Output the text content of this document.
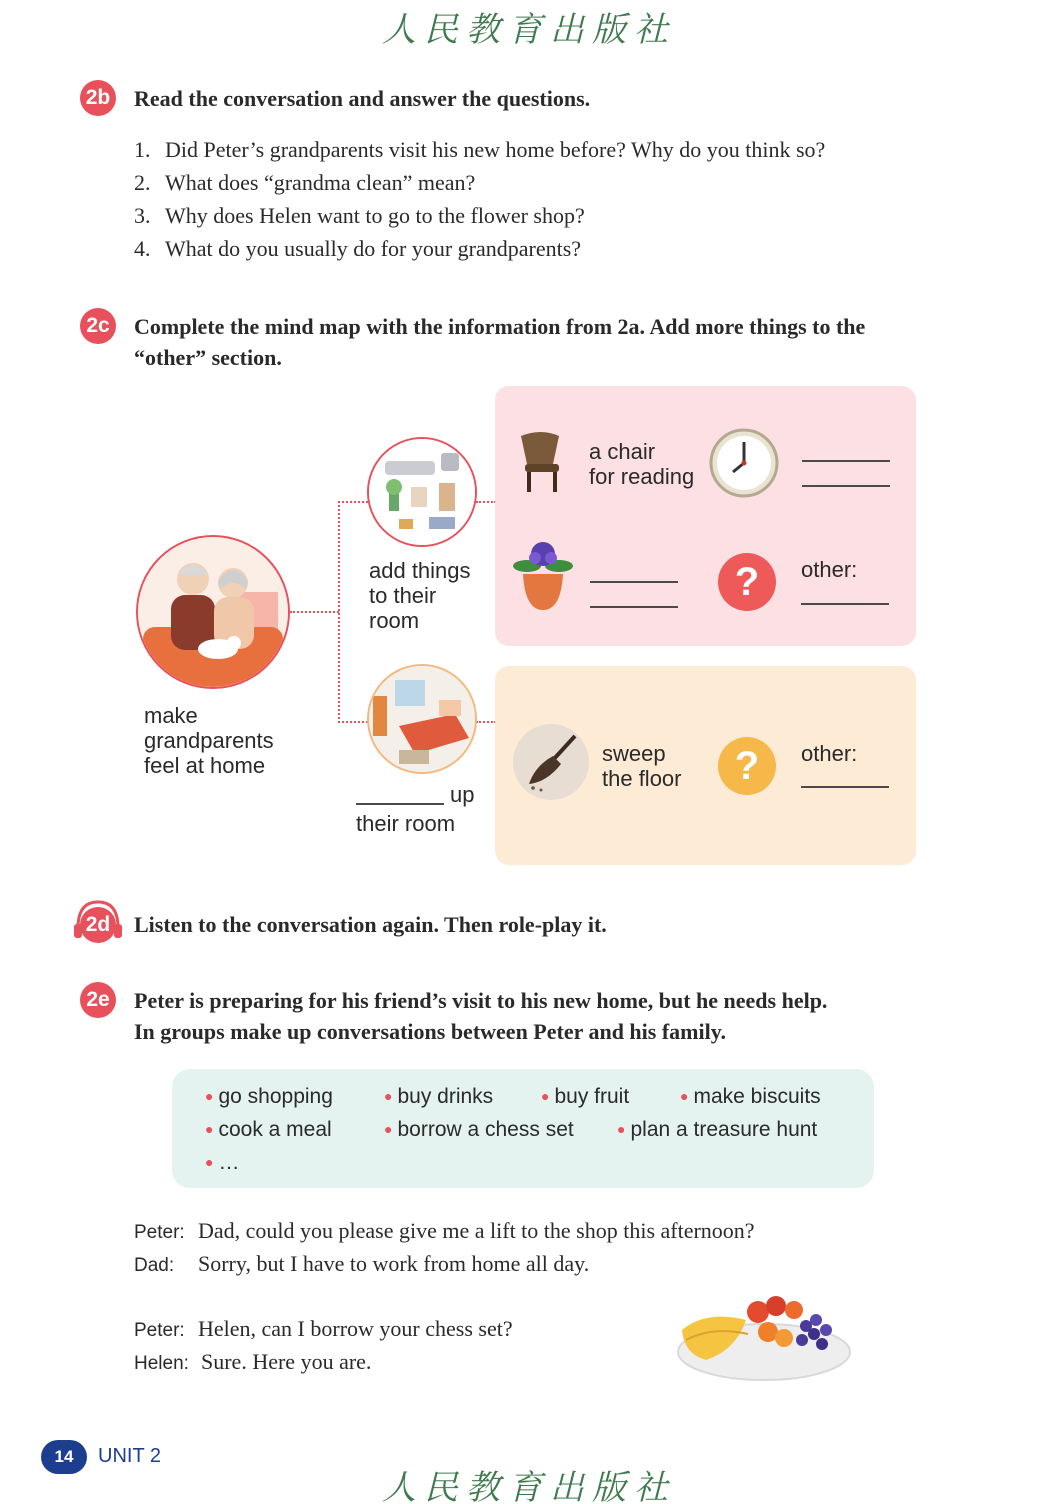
人民教育出版社
2b Read the conversation and answer the questions.
1. Did Peter’s grandparents visit his new home before? Why do you think so?
2. What does “grandma clean” mean?
3. Why does Helen want to go to the flower shop?
4. What do you usually do for your grandparents?
2c Complete the mind map with the information from 2a. Add more things to the
“other” section.
make
grandparents
feel at home
add things
to their
room
up
their room
a chair
for reading
?	other:
sweep
the floor	?	other:
2d Listen to the conversation again. Then role-play it.
2e Peter is preparing for his friend’s visit to his new home, but he needs help.
In groups make up conversations between Peter and his family.
● go shopping	● buy drinks	● buy fruit	● make biscuits
● cook a meal	● borrow a chess set	● plan a treasure hunt
● …
Peter: Dad, could you please give me a lift to the shop this afternoon?
Dad: Sorry, but I have to work from home all day.
Peter: Helen, can I borrow your chess set?
Helen: Sure. Here you are.
14	UNIT 2
人民教育出版社
